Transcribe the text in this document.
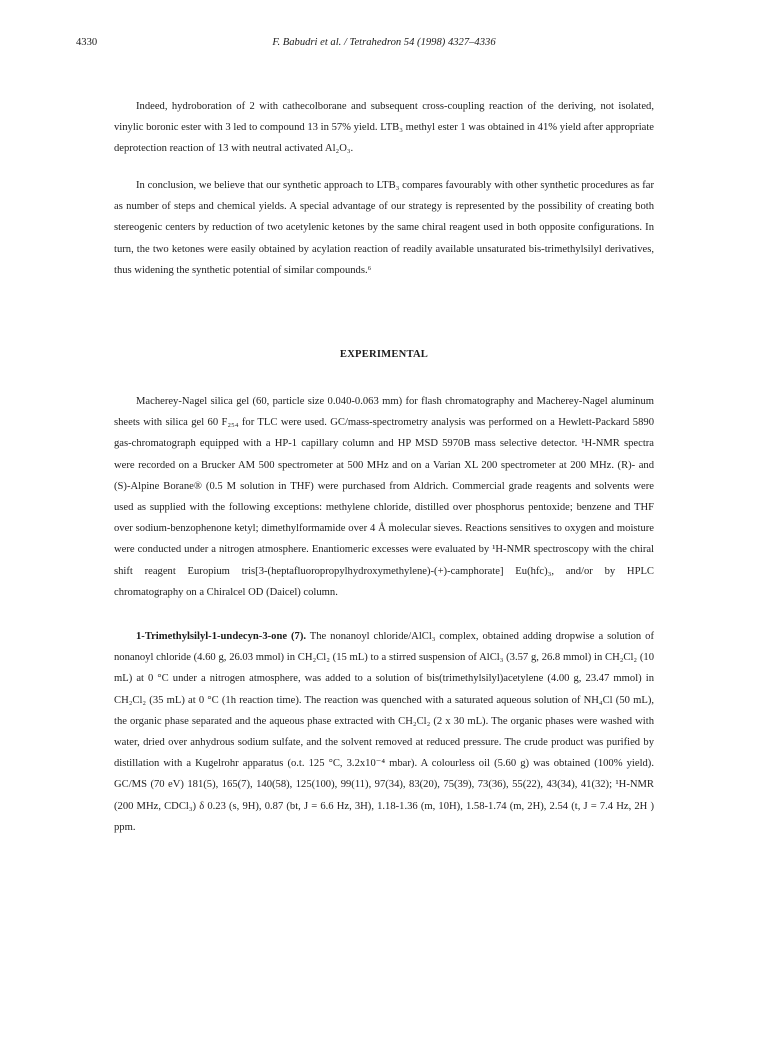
4330	F. Babudri et al. / Tetrahedron 54 (1998) 4327–4336

Indeed, hydroboration of 2 with cathecolborane and subsequent cross-coupling reaction of the deriving, not isolated, vinylic boronic ester with 3 led to compound 13 in 57% yield. LTB₃ methyl ester 1 was obtained in 41% yield after appropriate deprotection reaction of 13 with neutral activated Al₂O₃.

In conclusion, we believe that our synthetic approach to LTB₃ compares favourably with other synthetic procedures as far as number of steps and chemical yields. A special advantage of our strategy is represented by the possibility of creating both stereogenic centers by reduction of two acetylenic ketones by the same chiral reagent used in both opposite configurations. In turn, the two ketones were easily obtained by acylation reaction of readily available unsaturated bis-trimethylsilyl derivatives, thus widening the synthetic potential of similar compounds.⁶

EXPERIMENTAL

Macherey-Nagel silica gel (60, particle size 0.040-0.063 mm) for flash chromatography and Macherey-Nagel aluminum sheets with silica gel 60 F₂₅₄ for TLC were used. GC/mass-spectrometry analysis was performed on a Hewlett-Packard 5890 gas-chromatograph equipped with a HP-1 capillary column and HP MSD 5970B mass selective detector. ¹H-NMR spectra were recorded on a Brucker AM 500 spectrometer at 500 MHz and on a Varian XL 200 spectrometer at 200 MHz. (R)- and (S)-Alpine Borane® (0.5 M solution in THF) were purchased from Aldrich. Commercial grade reagents and solvents were used as supplied with the following exceptions: methylene chloride, distilled over phosphorus pentoxide; benzene and THF over sodium-benzophenone ketyl; dimethylformamide over 4 Å molecular sieves. Reactions sensitives to oxygen and moisture were conducted under a nitrogen atmosphere. Enantiomeric excesses were evaluated by ¹H-NMR spectroscopy with the chiral shift reagent Europium tris[3-(heptafluoropropylhydroxymethylene)-(+)-camphorate] Eu(hfc)₃, and/or by HPLC chromatography on a Chiralcel OD (Daicel) column.

1-Trimethylsilyl-1-undecyn-3-one (7). The nonanoyl chloride/AlCl₃ complex, obtained adding dropwise a solution of nonanoyl chloride (4.60 g, 26.03 mmol) in CH₂Cl₂ (15 mL) to a stirred suspension of AlCl₃ (3.57 g, 26.8 mmol) in CH₂Cl₂ (10 mL) at 0 °C under a nitrogen atmosphere, was added to a solution of bis(trimethylsilyl)acetylene (4.00 g, 23.47 mmol) in CH₂Cl₂ (35 mL) at 0 °C (1h reaction time). The reaction was quenched with a saturated aqueous solution of NH₄Cl (50 mL), the organic phase separated and the aqueous phase extracted with CH₂Cl₂ (2 x 30 mL). The organic phases were washed with water, dried over anhydrous sodium sulfate, and the solvent removed at reduced pressure. The crude product was purified by distillation with a Kugelrohr apparatus (o.t. 125 °C, 3.2x10⁻⁴ mbar). A colourless oil (5.60 g) was obtained (100% yield). GC/MS (70 eV) 181(5), 165(7), 140(58), 125(100), 99(11), 97(34), 83(20), 75(39), 73(36), 55(22), 43(34), 41(32); ¹H-NMR (200 MHz, CDCl₃) δ 0.23 (s, 9H), 0.87 (bt, J = 6.6 Hz, 3H), 1.18-1.36 (m, 10H), 1.58-1.74 (m, 2H), 2.54 (t, J = 7.4 Hz, 2H ) ppm.
